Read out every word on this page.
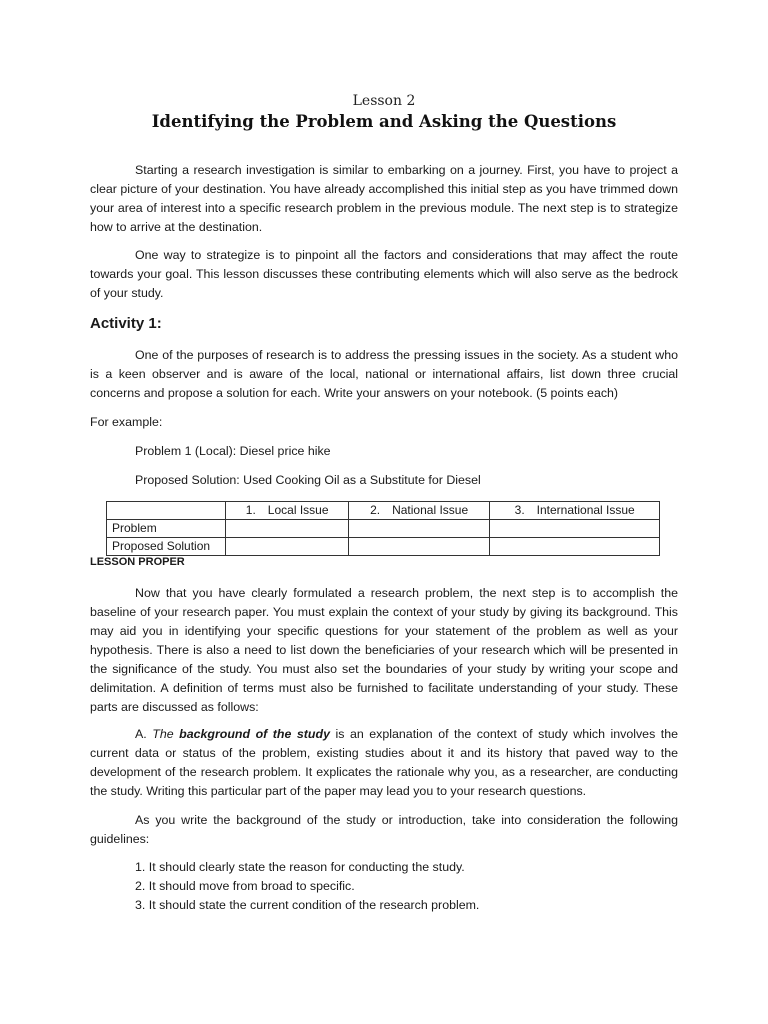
Lesson 2
Identifying the Problem and Asking the Questions

Starting a research investigation is similar to embarking on a journey. First, you have to project a clear picture of your destination. You have already accomplished this initial step as you have trimmed down your area of interest into a specific research problem in the previous module. The next step is to strategize how to arrive at the destination.

One way to strategize is to pinpoint all the factors and considerations that may affect the route towards your goal. This lesson discusses these contributing elements which will also serve as the bedrock of your study.

Activity 1:

One of the purposes of research is to address the pressing issues in the society. As a student who is a keen observer and is aware of the local, national or international affairs, list down three crucial concerns and propose a solution for each. Write your answers on your notebook. (5 points each)

For example:

Problem 1 (Local): Diesel price hike

Proposed Solution: Used Cooking Oil as a Substitute for Diesel

	1. Local Issue	2. National Issue	3. International Issue
Problem			
Proposed Solution			

LESSON PROPER

Now that you have clearly formulated a research problem, the next step is to accomplish the baseline of your research paper. You must explain the context of your study by giving its background. This may aid you in identifying your specific questions for your statement of the problem as well as your hypothesis. There is also a need to list down the beneficiaries of your research which will be presented in the significance of the study. You must also set the boundaries of your study by writing your scope and delimitation. A definition of terms must also be furnished to facilitate understanding of your study. These parts are discussed as follows:

A. The background of the study is an explanation of the context of study which involves the current data or status of the problem, existing studies about it and its history that paved way to the development of the research problem. It explicates the rationale why you, as a researcher, are conducting the study. Writing this particular part of the paper may lead you to your research questions.

As you write the background of the study or introduction, take into consideration the following guidelines:

1. It should clearly state the reason for conducting the study.
2. It should move from broad to specific.
3. It should state the current condition of the research problem.
